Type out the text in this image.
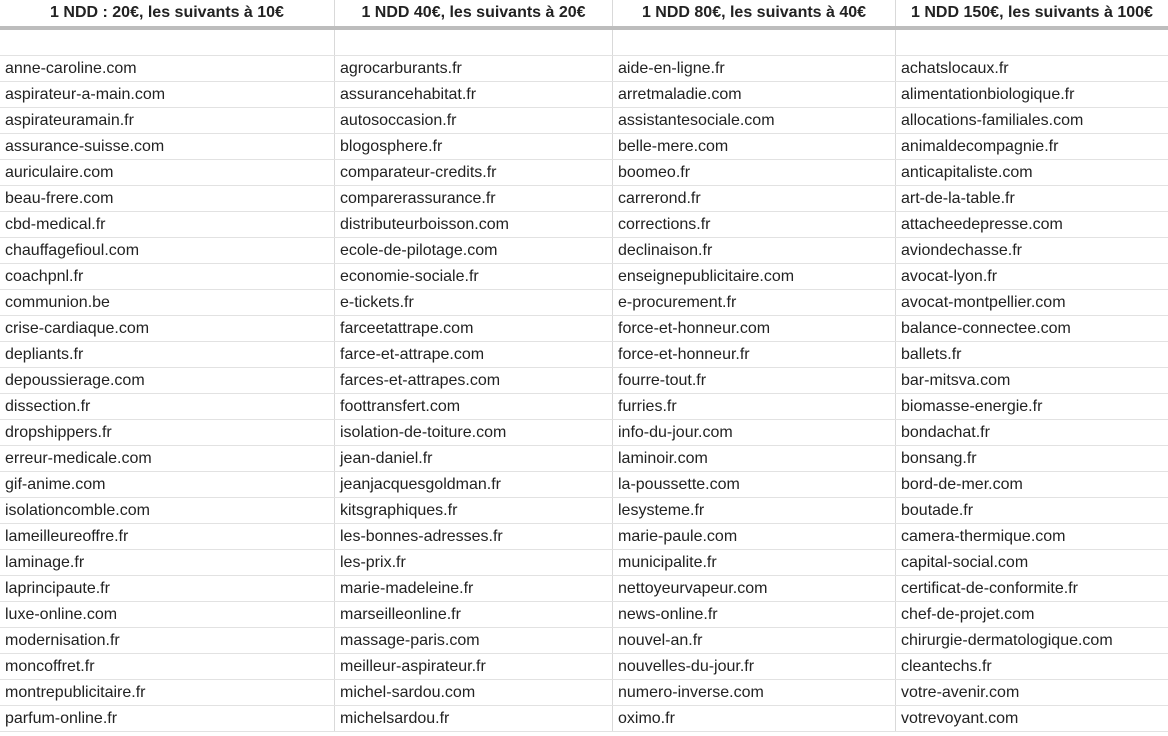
1 NDD : 20€, les suivants à 10€	1 NDD 40€, les suivants à 20€	1 NDD 80€, les suivants à 40€	1 NDD 150€, les suivants à 100€
anne-caroline.com	agrocarburants.fr	aide-en-ligne.fr	achatslocaux.fr
aspirateur-a-main.com	assurancehabitat.fr	arretmaladie.com	alimentationbiologique.fr
aspirateuramain.fr	autosoccasion.fr	assistantesociale.com	allocations-familiales.com
assurance-suisse.com	blogosphere.fr	belle-mere.com	animaldecompagnie.fr
auriculaire.com	comparateur-credits.fr	boomeo.fr	anticapitaliste.com
beau-frere.com	comparerassurance.fr	carrerond.fr	art-de-la-table.fr
cbd-medical.fr	distributeurboisson.com	corrections.fr	attacheedepresse.com
chauffagefioul.com	ecole-de-pilotage.com	declinaison.fr	aviondechasse.fr
coachpnl.fr	economie-sociale.fr	enseignepublicitaire.com	avocat-lyon.fr
communion.be	e-tickets.fr	e-procurement.fr	avocat-montpellier.com
crise-cardiaque.com	farceetattrape.com	force-et-honneur.com	balance-connectee.com
depliants.fr	farce-et-attrape.com	force-et-honneur.fr	ballets.fr
depoussierage.com	farces-et-attrapes.com	fourre-tout.fr	bar-mitsva.com
dissection.fr	foottransfert.com	furries.fr	biomasse-energie.fr
dropshippers.fr	isolation-de-toiture.com	info-du-jour.com	bondachat.fr
erreur-medicale.com	jean-daniel.fr	laminoir.com	bonsang.fr
gif-anime.com	jeanjacquesgoldman.fr	la-poussette.com	bord-de-mer.com
isolationcomble.com	kitsgraphiques.fr	lesysteme.fr	boutade.fr
lameilleureoffre.fr	les-bonnes-adresses.fr	marie-paule.com	camera-thermique.com
laminage.fr	les-prix.fr	municipalite.fr	capital-social.com
laprincipaute.fr	marie-madeleine.fr	nettoyeurvapeur.com	certificat-de-conformite.fr
luxe-online.com	marseilleonline.fr	news-online.fr	chef-de-projet.com
modernisation.fr	massage-paris.com	nouvel-an.fr	chirurgie-dermatologique.com
moncoffret.fr	meilleur-aspirateur.fr	nouvelles-du-jour.fr	cleantechs.fr
montrepublicitaire.fr	michel-sardou.com	numero-inverse.com	votre-avenir.com
parfum-online.fr	michelsardou.fr	oximo.fr	votrevoyant.com
